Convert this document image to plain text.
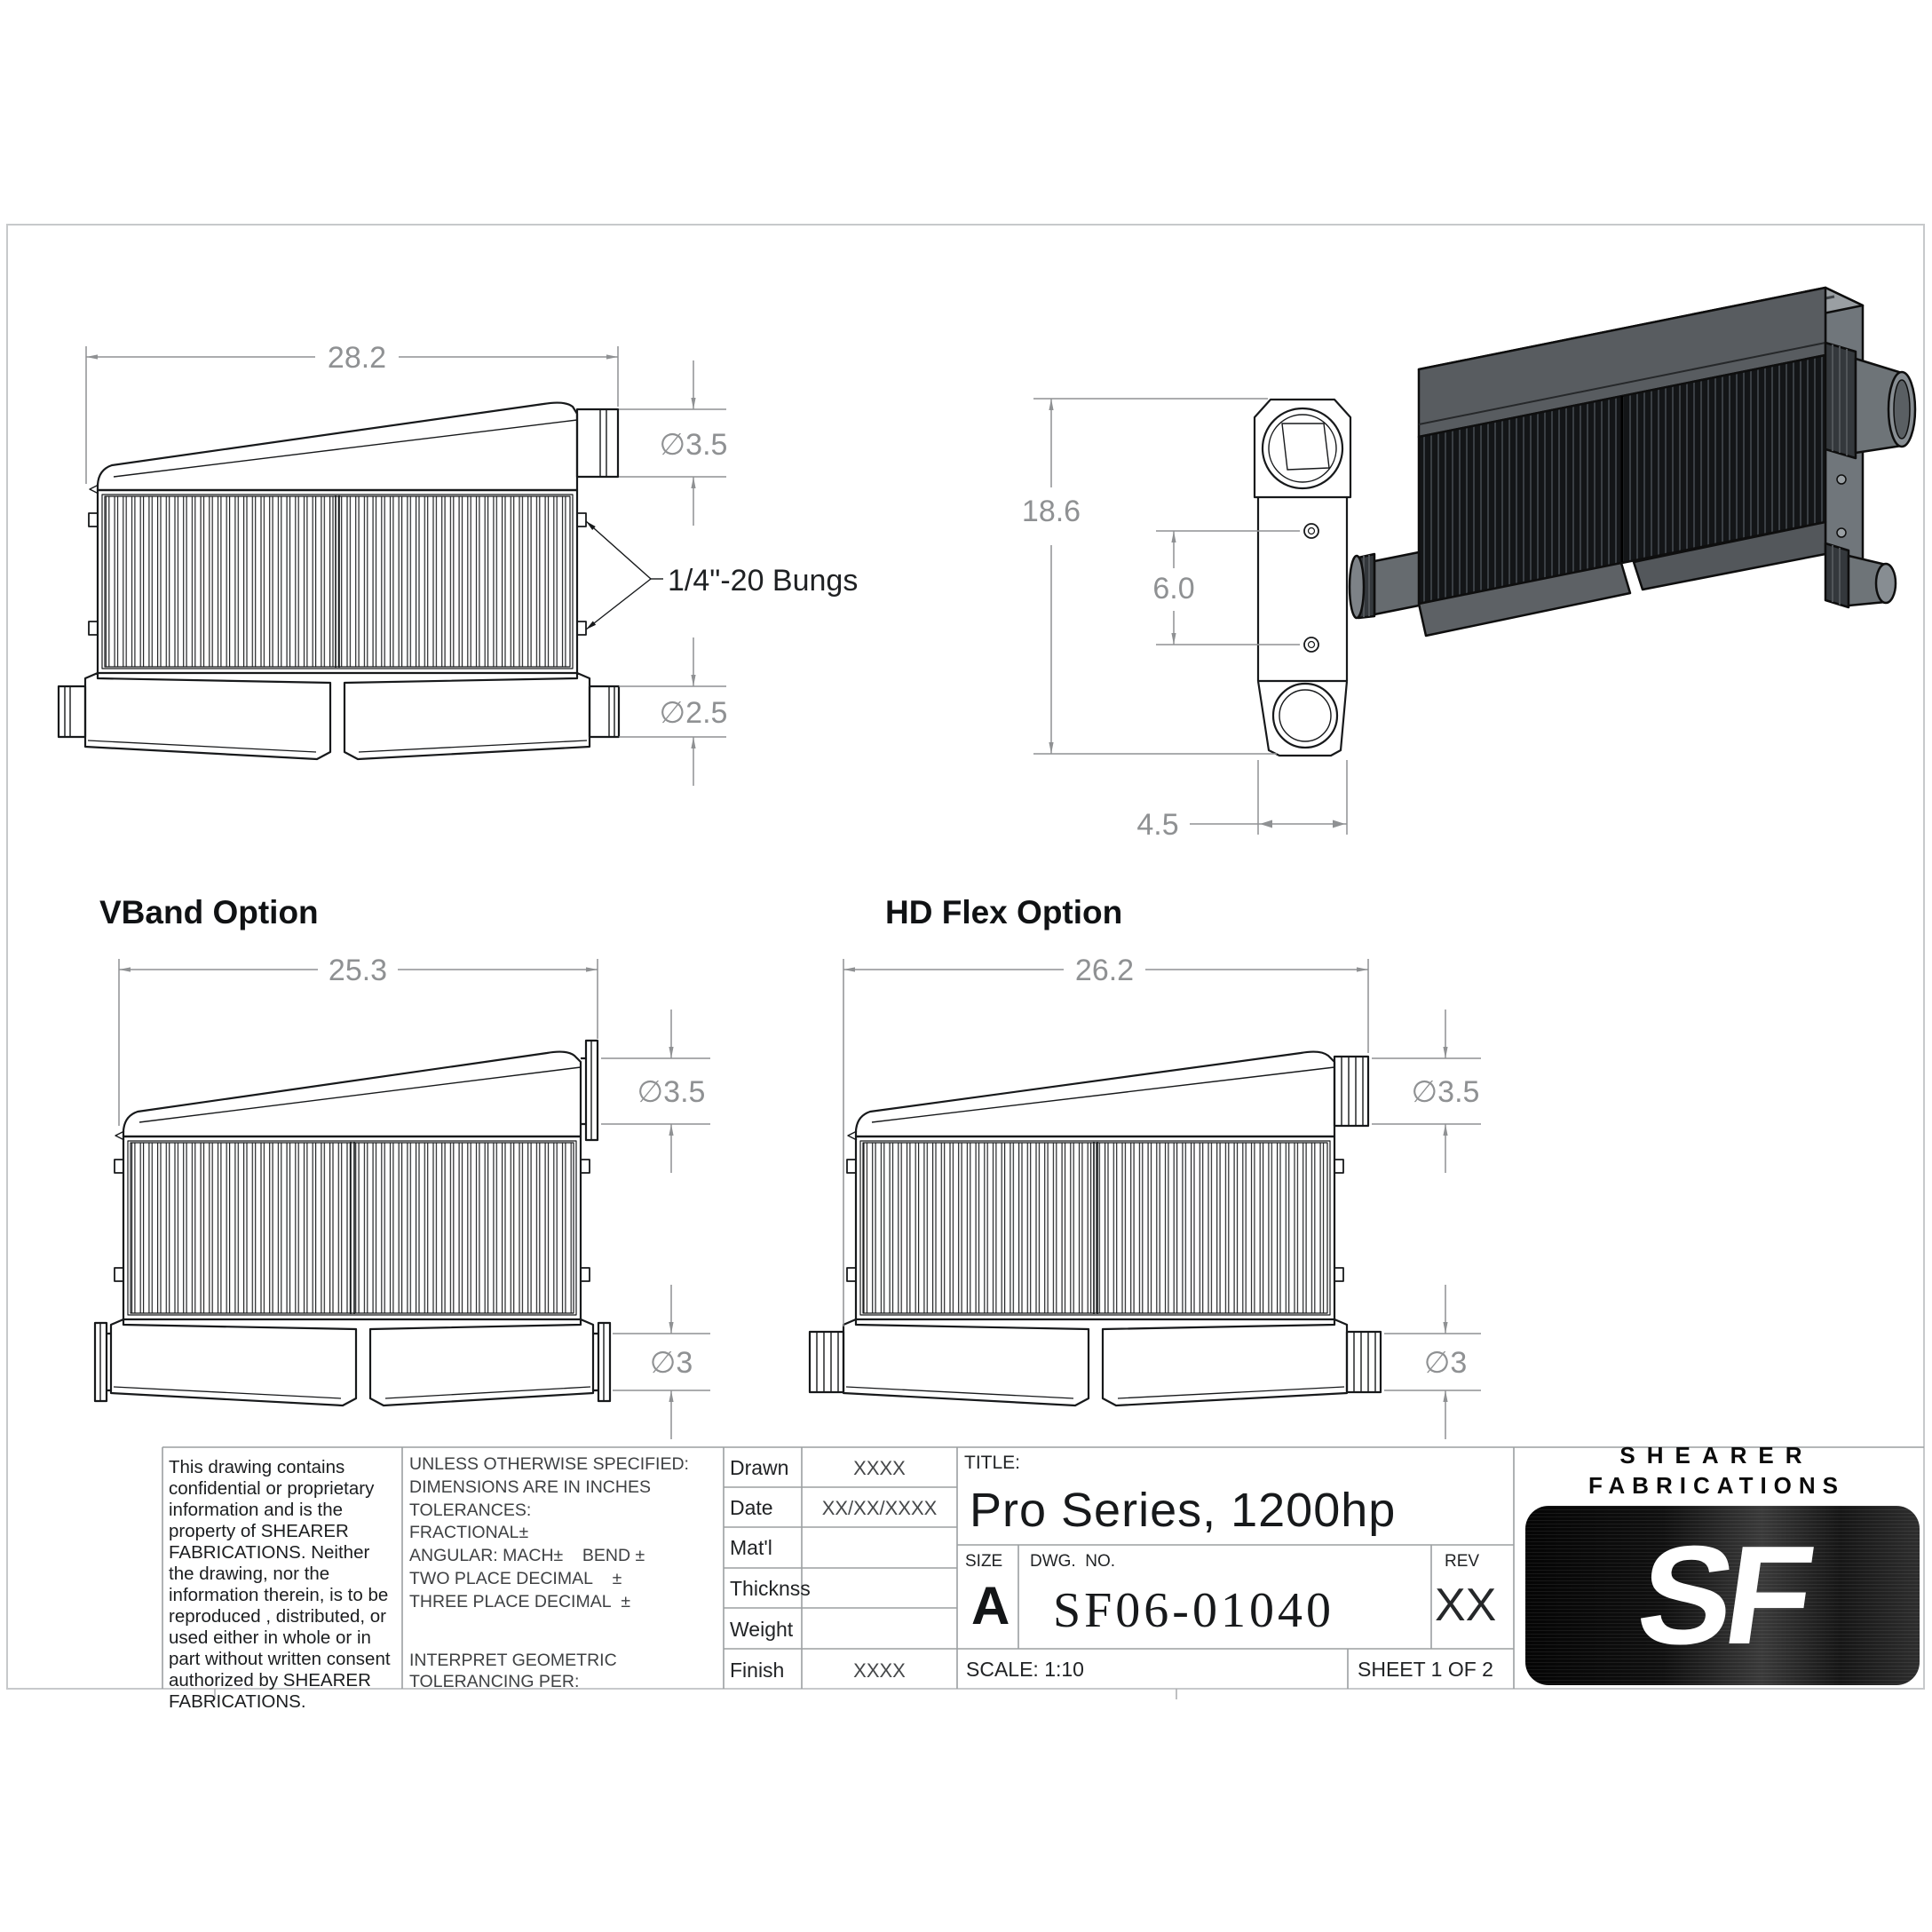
28.2
∅3.5
∅2.5
1/4"-20 Bungs
18.6
6.0
4.5
VBand Option
25.3
∅3.5
∅3
HD Flex Option
26.2
∅3.5
∅3
This drawing contains confidential or proprietary information and is the property of SHEARER FABRICATIONS. Neither the drawing, nor the information therein, is to be reproduced , distributed, or used either in whole or in part without written consent authorized by SHEARER FABRICATIONS.
UNLESS OTHERWISE SPECIFIED:
DIMENSIONS ARE IN INCHES
TOLERANCES:
FRACTIONAL±
ANGULAR: MACH±    BEND ±
TWO PLACE DECIMAL    ±
THREE PLACE DECIMAL  ±
INTERPRET GEOMETRIC
TOLERANCING PER:
Drawn
Date
Mat'l
Thicknss
Weight
Finish
XXXX
XX/XX/XXXX
XXXX
TITLE:
Pro Series, 1200hp
SIZE
A
DWG.  NO.
SF06-01040
REV
XX
SCALE: 1:10	SHEET 1 OF 2
SHEARER
FABRICATIONS
SF
